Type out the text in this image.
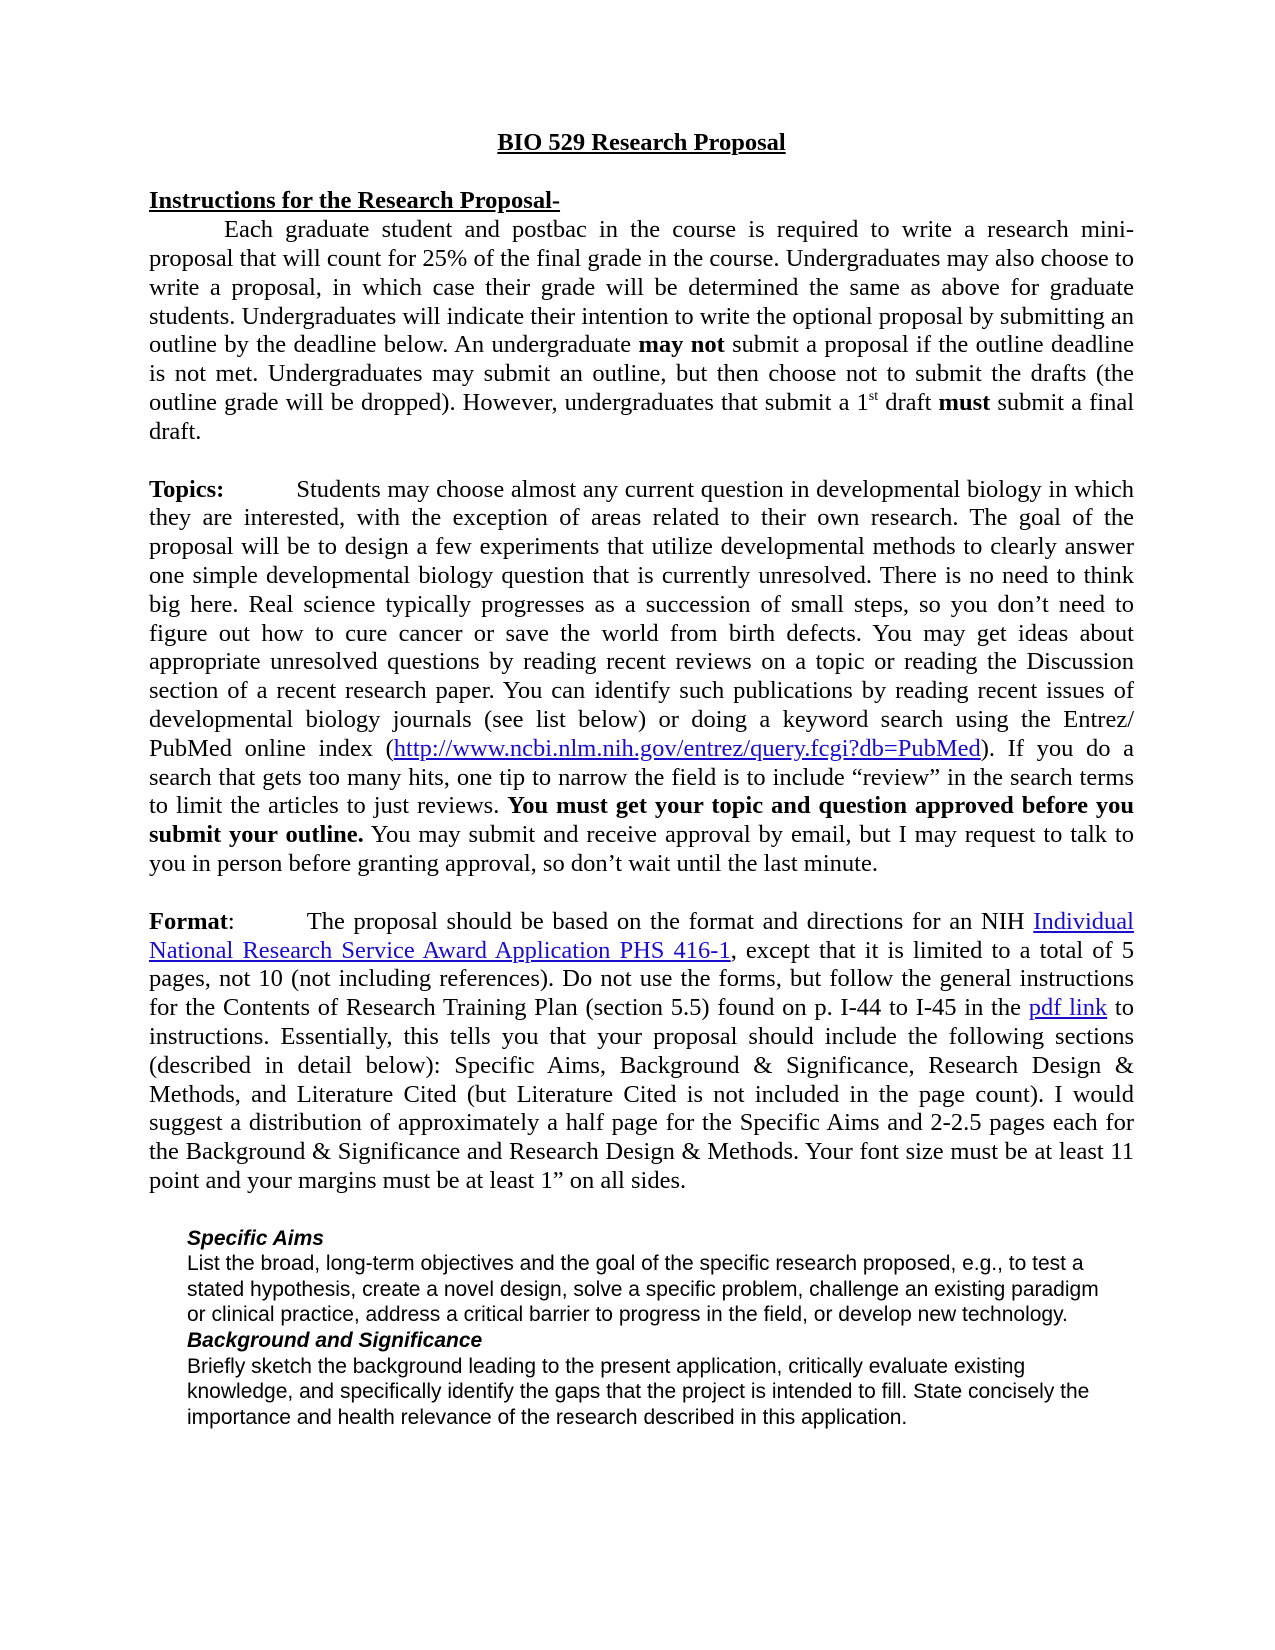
BIO 529 Research Proposal
Instructions for the Research Proposal-

Each graduate student and postbac in the course is required to write a research mini-proposal that will count for 25% of the final grade in the course. Undergraduates may also choose to write a proposal, in which case their grade will be determined the same as above for graduate students. Undergraduates will indicate their intention to write the optional proposal by submitting an outline by the deadline below. An undergraduate may not submit a proposal if the outline deadline is not met. Undergraduates may submit an outline, but then choose not to submit the drafts (the outline grade will be dropped). However, undergraduates that submit a 1st draft must submit a final draft.

Topics:	Students may choose almost any current question in developmental biology in which they are interested, with the exception of areas related to their own research. The goal of the proposal will be to design a few experiments that utilize developmental methods to clearly answer one simple developmental biology question that is currently unresolved. There is no need to think big here. Real science typically progresses as a succession of small steps, so you don’t need to figure out how to cure cancer or save the world from birth defects. You may get ideas about appropriate unresolved questions by reading recent reviews on a topic or reading the Discussion section of a recent research paper. You can identify such publications by reading recent issues of developmental biology journals (see list below) or doing a keyword search using the Entrez/ PubMed online index (http://www.ncbi.nlm.nih.gov/entrez/query.fcgi?db=PubMed). If you do a search that gets too many hits, one tip to narrow the field is to include “review” in the search terms to limit the articles to just reviews. You must get your topic and question approved before you submit your outline. You may submit and receive approval by email, but I may request to talk to you in person before granting approval, so don’t wait until the last minute.

Format:	The proposal should be based on the format and directions for an NIH Individual National Research Service Award Application PHS 416-1, except that it is limited to a total of 5 pages, not 10 (not including references). Do not use the forms, but follow the general instructions for the Contents of Research Training Plan (section 5.5) found on p. I-44 to I-45 in the pdf link to instructions. Essentially, this tells you that your proposal should include the following sections (described in detail below): Specific Aims, Background & Significance, Research Design & Methods, and Literature Cited (but Literature Cited is not included in the page count). I would suggest a distribution of approximately a half page for the Specific Aims and 2-2.5 pages each for the Background & Significance and Research Design & Methods. Your font size must be at least 11 point and your margins must be at least 1” on all sides.

Specific Aims

List the broad, long-term objectives and the goal of the specific research proposed, e.g., to test a stated hypothesis, create a novel design, solve a specific problem, challenge an existing paradigm or clinical practice, address a critical barrier to progress in the field, or develop new technology.

Background and Significance

Briefly sketch the background leading to the present application, critically evaluate existing knowledge, and specifically identify the gaps that the project is intended to fill. State concisely the importance and health relevance of the research described in this application.
